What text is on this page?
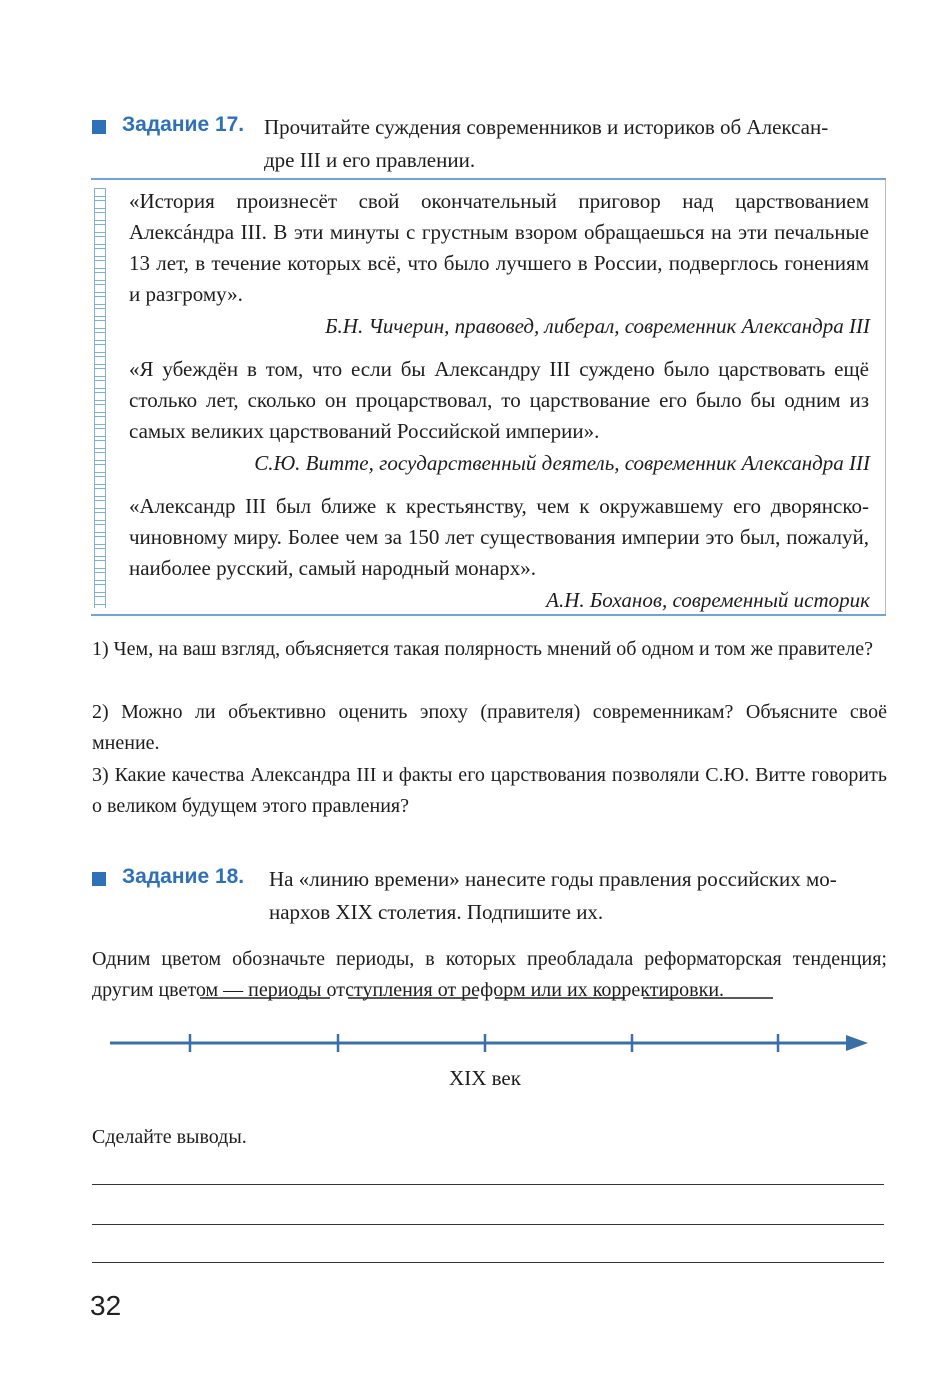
Задание 17. Прочитайте суждения современников и историков об Алексан-
дре III и его правлении.
«История произнесёт свой окончательный приговор над царствованием Алексáндра III. В эти минуты с грустным взором обращаешься на эти печальные 13 лет, в течение которых всё, что было лучшего в России, подверглось гонениям и разгрому».
Б.Н. Чичерин, правовед, либерал, современник Александра III
«Я убеждён в том, что если бы Александру III суждено было царствовать ещё столько лет, сколько он процарствовал, то царствование его было бы одним из самых великих царствований Российской империи».
С.Ю. Витте, государственный деятель, современник Александра III
«Александр III был ближе к крестьянству, чем к окружавшему его дворянско-чиновному миру. Более чем за 150 лет существования империи это был, пожалуй, наиболее русский, самый народный монарх».
А.Н. Боханов, современный историк
1) Чем, на ваш взгляд, объясняется такая полярность мнений об одном и том же правителе?
2) Можно ли объективно оценить эпоху (правителя) современникам? Объясните своё мнение.
3) Какие качества Александра III и факты его царствования позволяли С.Ю. Витте говорить о великом будущем этого правления?
Задание 18. На «линию времени» нанесите годы правления российских мо-
нархов XIX столетия. Подпишите их.
Одним цветом обозначьте периоды, в которых преобладала реформаторская тенденция; другим цветом — периоды отступления от реформ или их корректировки.
XIX век
Сделайте выводы.
32
